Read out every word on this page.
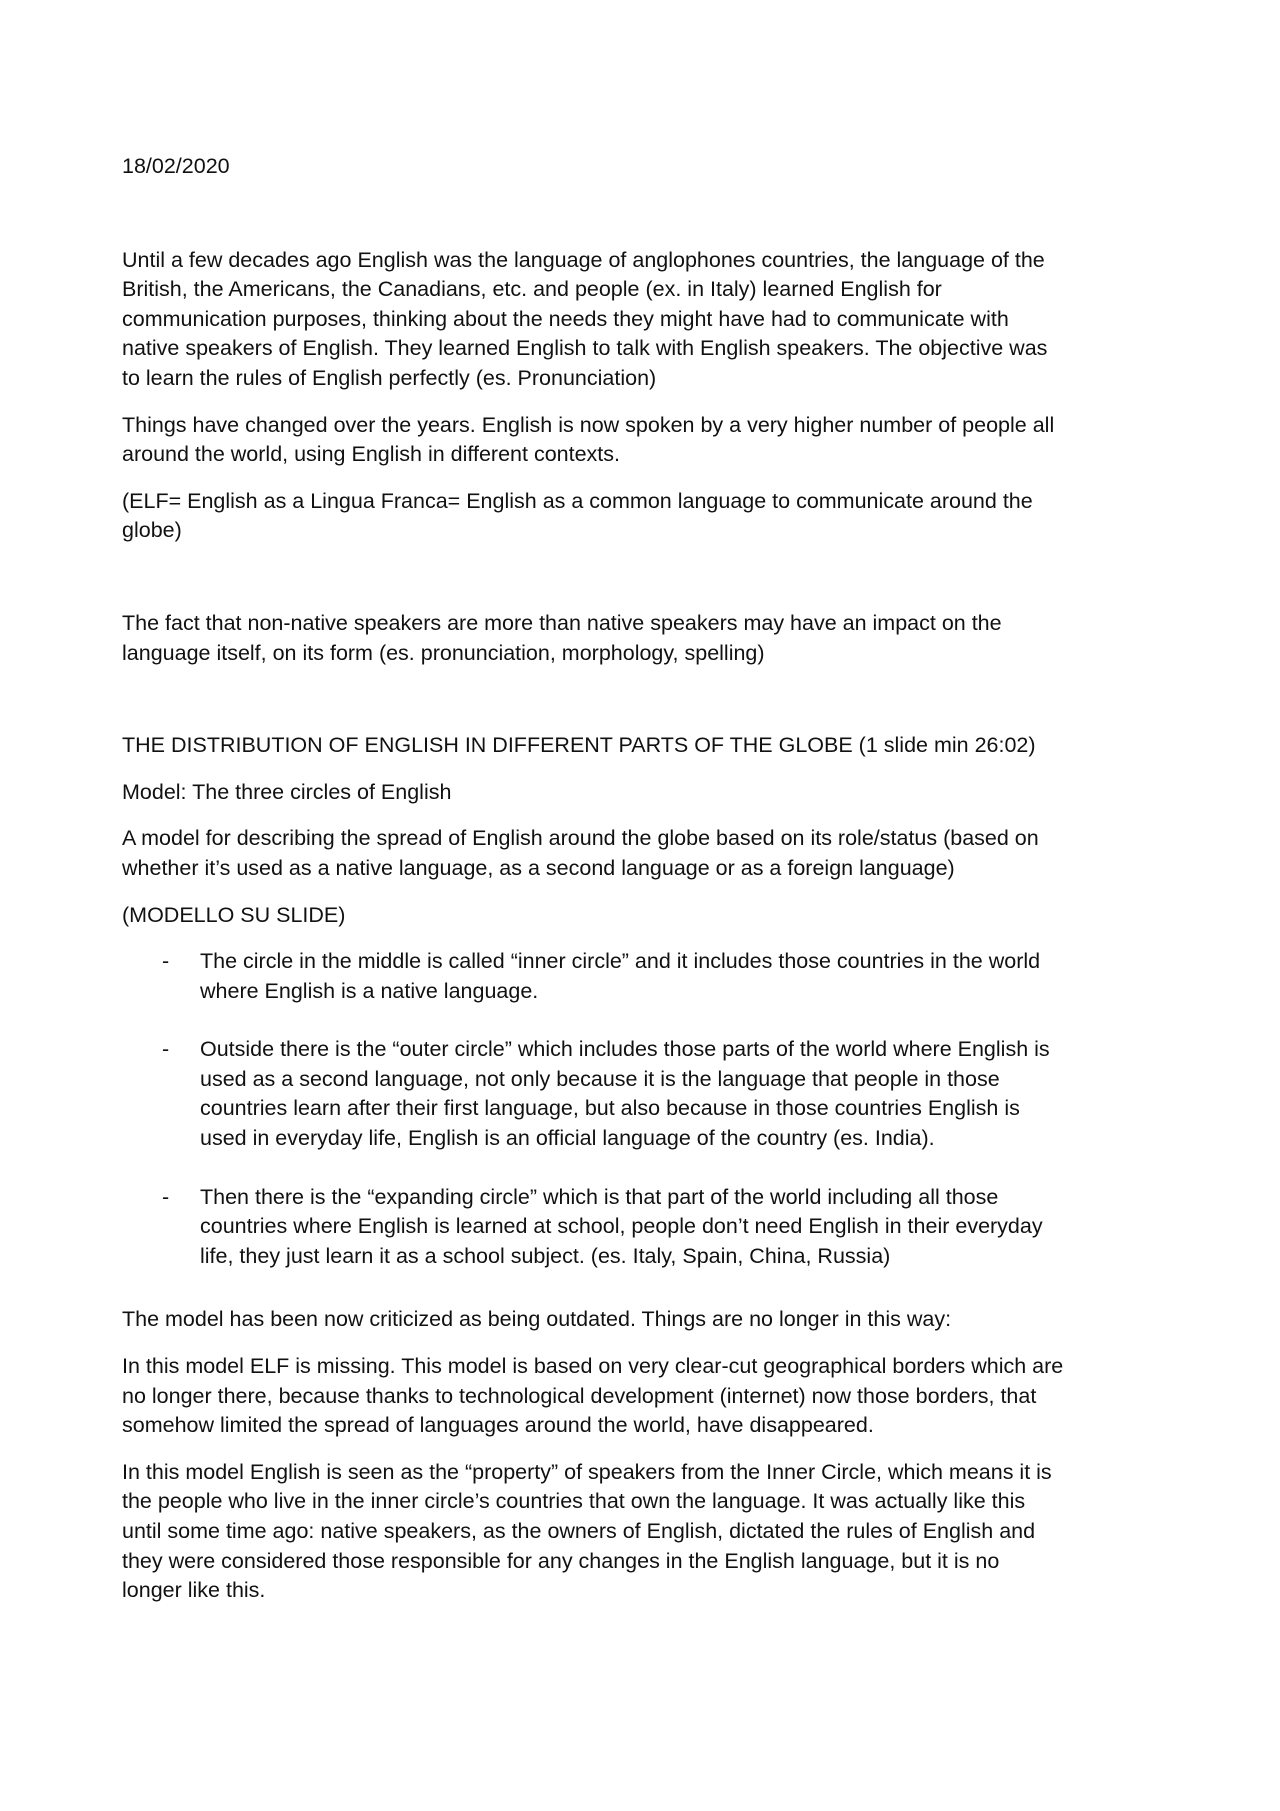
18/02/2020

Until a few decades ago English was the language of anglophones countries, the language of the
British, the Americans, the Canadians, etc. and people (ex. in Italy) learned English for
communication purposes, thinking about the needs they might have had to communicate with
native speakers of English. They learned English to talk with English speakers. The objective was
to learn the rules of English perfectly (es. Pronunciation)

Things have changed over the years. English is now spoken by a very higher number of people all
around the world, using English in different contexts.

(ELF= English as a Lingua Franca= English as a common language to communicate around the
globe)

The fact that non-native speakers are more than native speakers may have an impact on the
language itself, on its form (es. pronunciation, morphology, spelling)

THE DISTRIBUTION OF ENGLISH IN DIFFERENT PARTS OF THE GLOBE (1 slide min 26:02)

Model: The three circles of English

A model for describing the spread of English around the globe based on its role/status (based on
whether it’s used as a native language, as a second language or as a foreign language)

(MODELLO SU SLIDE)

- The circle in the middle is called “inner circle” and it includes those countries in the world
where English is a native language.

- Outside there is the “outer circle” which includes those parts of the world where English is
used as a second language, not only because it is the language that people in those
countries learn after their first language, but also because in those countries English is
used in everyday life, English is an official language of the country (es. India).

- Then there is the “expanding circle” which is that part of the world including all those
countries where English is learned at school, people don’t need English in their everyday
life, they just learn it as a school subject. (es. Italy, Spain, China, Russia)

The model has been now criticized as being outdated. Things are no longer in this way:

In this model ELF is missing. This model is based on very clear-cut geographical borders which are
no longer there, because thanks to technological development (internet) now those borders, that
somehow limited the spread of languages around the world, have disappeared.

In this model English is seen as the “property” of speakers from the Inner Circle, which means it is
the people who live in the inner circle’s countries that own the language. It was actually like this
until some time ago: native speakers, as the owners of English, dictated the rules of English and
they were considered those responsible for any changes in the English language, but it is no
longer like this.
